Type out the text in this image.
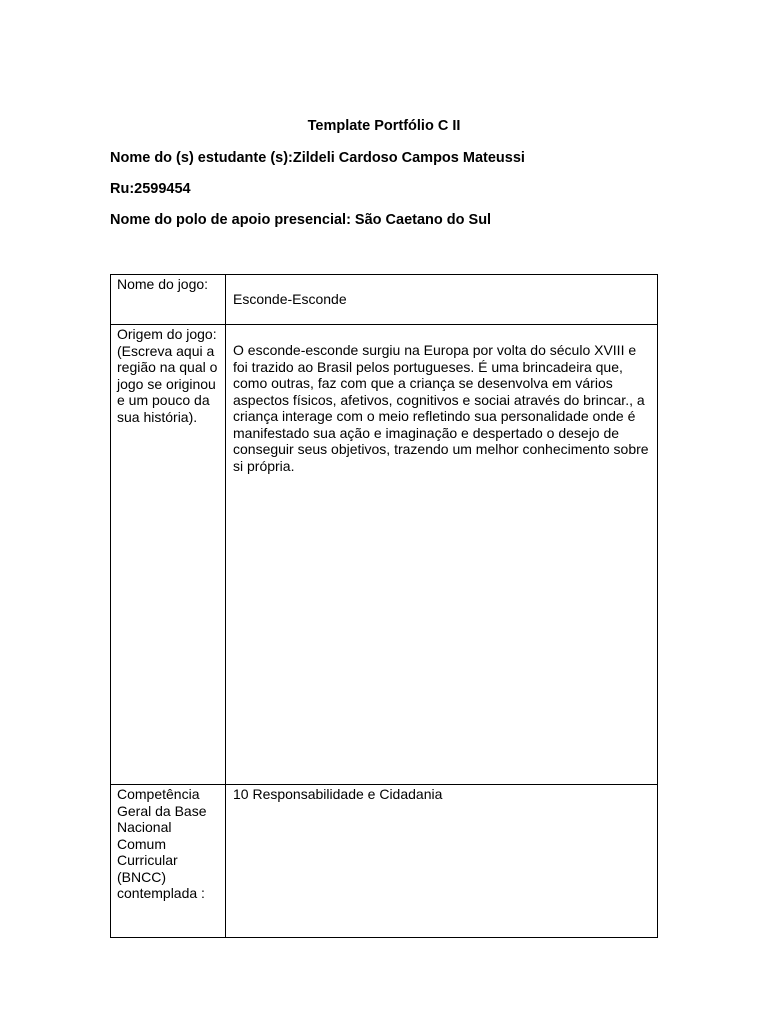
Template Portfólio C II
Nome do (s) estudante (s):Zildeli Cardoso Campos Mateussi
Ru:2599454
Nome do polo de apoio presencial: São Caetano do Sul
Nome do jogo:	Esconde-Esconde

Origem do jogo: (Escreva aqui a região na qual o jogo se originou e um pouco da sua história).	O esconde-esconde surgiu na Europa por volta do século XVIII e foi trazido ao Brasil pelos portugueses. É uma brincadeira que, como outras, faz com que a criança se desenvolva em vários aspectos físicos, afetivos, cognitivos e sociai através do brincar., a criança interage com o meio refletindo sua personalidade onde é manifestado sua ação e imaginação e despertado o desejo de conseguir seus objetivos, trazendo um melhor conhecimento sobre si própria.

Competência Geral da Base Nacional Comum Curricular (BNCC) contemplada :	10 Responsabilidade e Cidadania
